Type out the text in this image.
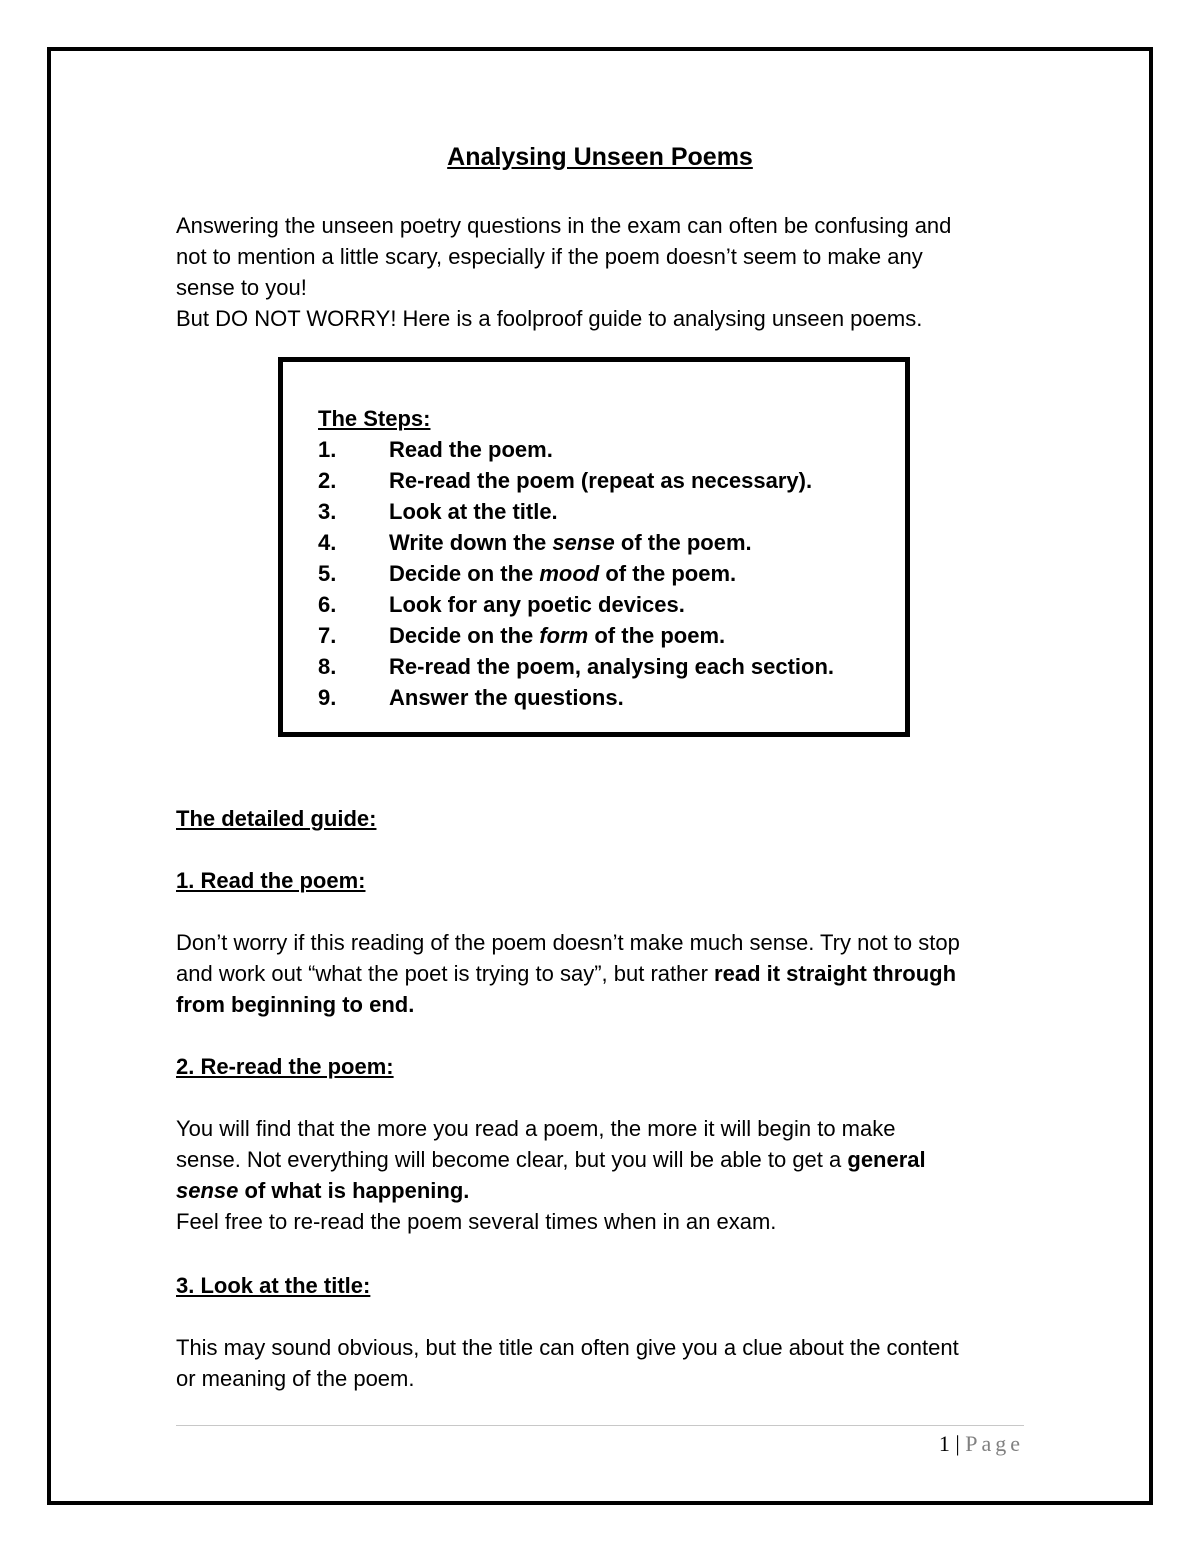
Analysing Unseen Poems

Answering the unseen poetry questions in the exam can often be confusing and

not to mention a little scary, especially if the poem doesn’t seem to make any

sense to you!

But DO NOT WORRY! Here is a foolproof guide to analysing unseen poems.

The Steps:
1.	Read the poem.
2.	Re-read the poem (repeat as necessary).
3.	Look at the title.
4.	Write down the sense of the poem.
5.	Decide on the mood of the poem.
6.	Look for any poetic devices.
7.	Decide on the form of the poem.
8.	Re-read the poem, analysing each section.
9.	Answer the questions.
The detailed guide:
1. Read the poem:

Don’t worry if this reading of the poem doesn’t make much sense. Try not to stop

and work out “what the poet is trying to say”, but rather read it straight through

from beginning to end.

2. Re-read the poem:

You will find that the more you read a poem, the more it will begin to make

sense. Not everything will become clear, but you will be able to get a general

sense of what is happening.

Feel free to re-read the poem several times when in an exam.

3. Look at the title:

This may sound obvious, but the title can often give you a clue about the content

or meaning of the poem.

1 | Page
